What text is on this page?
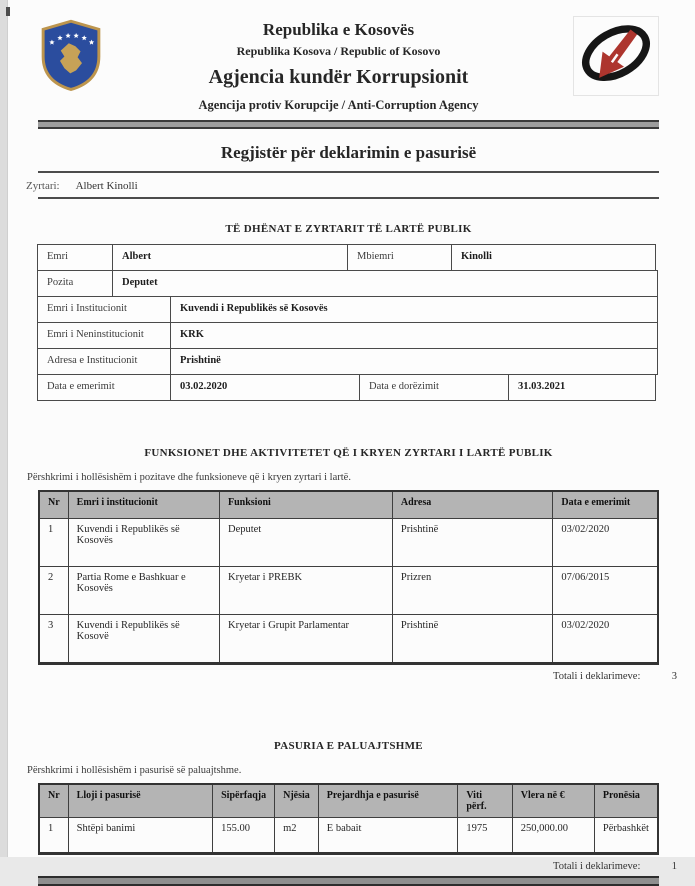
Republika e Kosovës
Republika Kosova / Republic of Kosovo
Agjencia kundër Korrupsionit
Agencija protiv Korupcije / Anti-Corruption Agency
Regjistër për deklarimin e pasurisë
Zyrtari: Albert Kinolli
TË DHËNAT E ZYRTARIT TË LARTË PUBLIK
Emri	Albert	Mbiemri	Kinolli
Pozita	Deputet
Emri i Institucionit	Kuvendi i Republikës së Kosovës
Emri i Neninstitucionit	KRK
Adresa e Institucionit	Prishtinë
Data e emerimit	03.02.2020	Data e dorëzimit	31.03.2021
FUNKSIONET DHE AKTIVITETET QË I KRYEN ZYRTARI I LARTË PUBLIK
Përshkrimi i hollësishëm i pozitave dhe funksioneve që i kryen zyrtari i lartë.
Nr	Emri i institucionit	Funksioni	Adresa	Data e emerimit
1	Kuvendi i Republikës së Kosovës	Deputet	Prishtinë	03/02/2020
2	Partia Rome e Bashkuar e Kosovës	Kryetar i PREBK	Prizren	07/06/2015
3	Kuvendi i Republikës së Kosovë	Kryetar i Grupit Parlamentar	Prishtinë	03/02/2020
Totali i deklarimeve:	3
PASURIA E PALUAJTSHME
Përshkrimi i hollësishëm i pasurisë së paluajtshme.
Nr	Lloji i pasurisë	Sipërfaqja	Njësia	Prejardhja e pasurisë	Viti përf.	Vlera në €	Pronësia
1	Shtëpi banimi	155.00	m2	E babait	1975	250,000.00	Përbashkët
Totali i deklarimeve:	1
